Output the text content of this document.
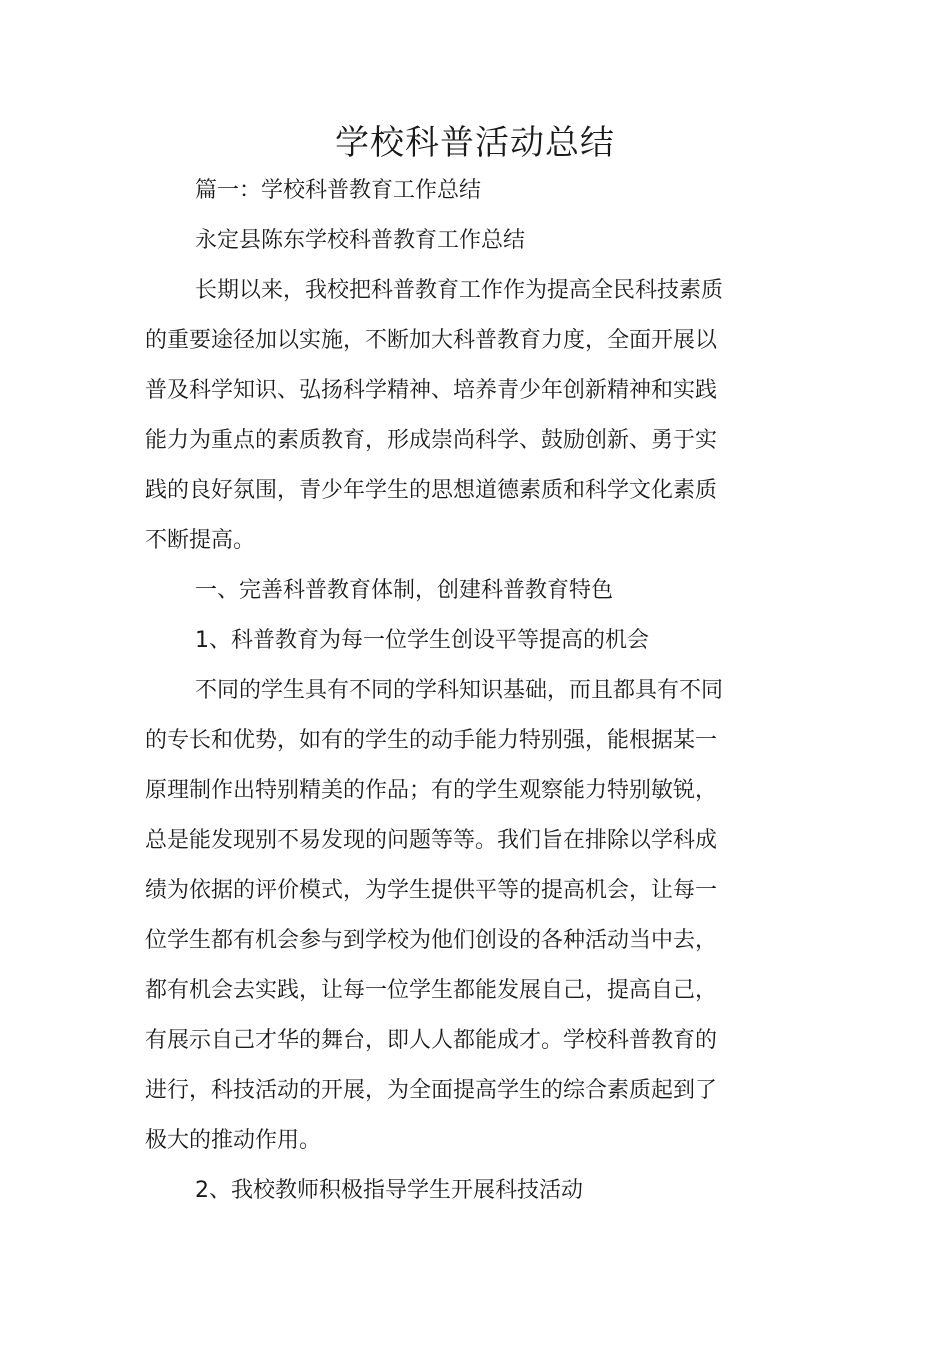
学校科普活动总结

篇一：学校科普教育工作总结

永定县陈东学校科普教育工作总结

长期以来，我校把科普教育工作作为提高全民科技素质

的重要途径加以实施，不断加大科普教育力度，全面开展以

普及科学知识、弘扬科学精神、培养青少年创新精神和实践

能力为重点的素质教育，形成崇尚科学、鼓励创新、勇于实

践的良好氛围，青少年学生的思想道德素质和科学文化素质

不断提高。

一、完善科普教育体制，创建科普教育特色

1、科普教育为每一位学生创设平等提高的机会

不同的学生具有不同的学科知识基础，而且都具有不同

的专长和优势，如有的学生的动手能力特别强，能根据某一

原理制作出特别精美的作品；有的学生观察能力特别敏锐，

总是能发现别不易发现的问题等等。我们旨在排除以学科成

绩为依据的评价模式，为学生提供平等的提高机会，让每一

位学生都有机会参与到学校为他们创设的各种活动当中去，

都有机会去实践，让每一位学生都能发展自己，提高自己，

有展示自己才华的舞台，即人人都能成才。学校科普教育的

进行，科技活动的开展，为全面提高学生的综合素质起到了

极大的推动作用。

2、我校教师积极指导学生开展科技活动
